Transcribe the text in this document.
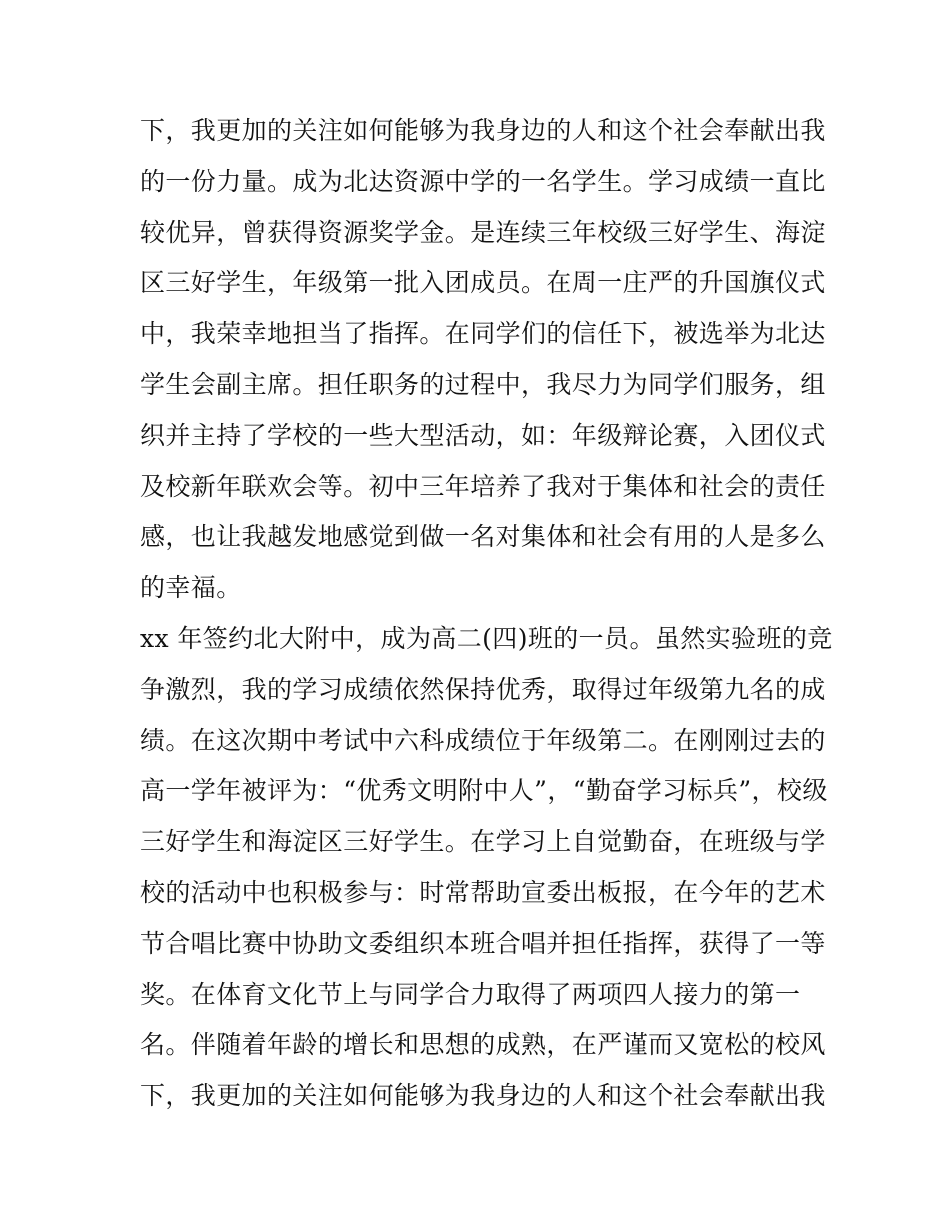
下，我更加的关注如何能够为我身边的人和这个社会奉献出我
的一份力量。成为北达资源中学的一名学生。学习成绩一直比
较优异，曾获得资源奖学金。是连续三年校级三好学生、海淀
区三好学生，年级第一批入团成员。在周一庄严的升国旗仪式
中，我荣幸地担当了指挥。在同学们的信任下，被选举为北达
学生会副主席。担任职务的过程中，我尽力为同学们服务，组
织并主持了学校的一些大型活动，如：年级辩论赛，入团仪式
及校新年联欢会等。初中三年培养了我对于集体和社会的责任
感，也让我越发地感觉到做一名对集体和社会有用的人是多么
的幸福。
xx 年签约北大附中，成为高二(四)班的一员。虽然实验班的竞
争激烈，我的学习成绩依然保持优秀，取得过年级第九名的成
绩。在这次期中考试中六科成绩位于年级第二。在刚刚过去的
高一学年被评为：“优秀文明附中人”，“勤奋学习标兵”，校级
三好学生和海淀区三好学生。在学习上自觉勤奋，在班级与学
校的活动中也积极参与：时常帮助宣委出板报，在今年的艺术
节合唱比赛中协助文委组织本班合唱并担任指挥，获得了一等
奖。在体育文化节上与同学合力取得了两项四人接力的第一
名。伴随着年龄的增长和思想的成熟，在严谨而又宽松的校风
下，我更加的关注如何能够为我身边的人和这个社会奉献出我
